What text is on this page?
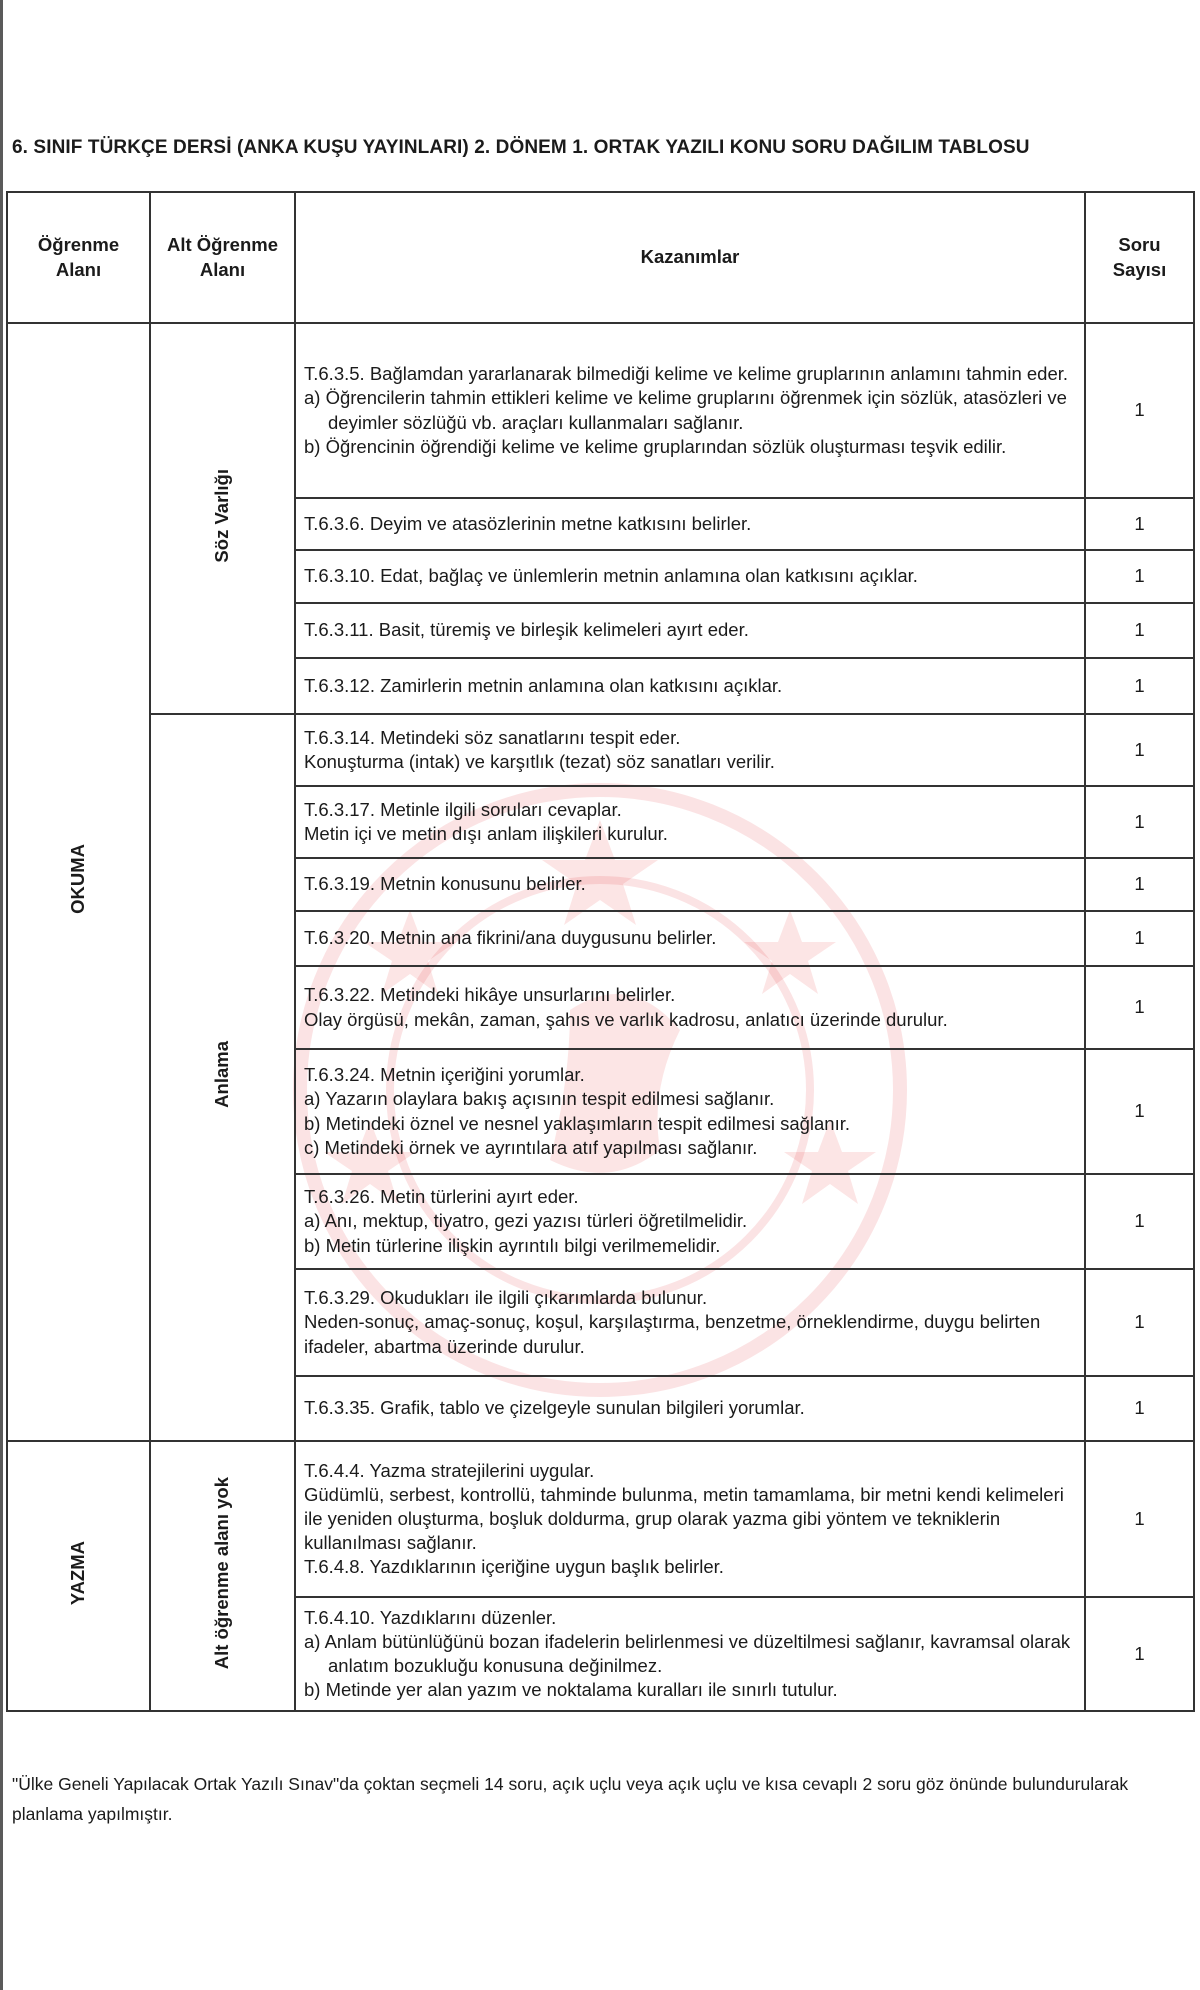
6. SINIF TÜRKÇE DERSİ (ANKA KUŞU YAYINLARI) 2. DÖNEM 1. ORTAK YAZILI KONU SORU DAĞILIM TABLOSU
Öğrenme Alanı	Alt Öğrenme Alanı	Kazanımlar	Soru Sayısı
OKUMA	Söz Varlığı	T.6.3.5. Bağlamdan yararlanarak bilmediği kelime ve kelime gruplarının anlamını tahmin eder.
a) Öğrencilerin tahmin ettikleri kelime ve kelime gruplarını öğrenmek için sözlük, atasözleri ve deyimler sözlüğü vb. araçları kullanmaları sağlanır.
b) Öğrencinin öğrendiği kelime ve kelime gruplarından sözlük oluşturması teşvik edilir.	1

		T.6.3.6. Deyim ve atasözlerinin metne katkısını belirler.	1

		T.6.3.10. Edat, bağlaç ve ünlemlerin metnin anlamına olan katkısını açıklar.	1

		T.6.3.11. Basit, türemiş ve birleşik kelimeleri ayırt eder.	1

		T.6.3.12. Zamirlerin metnin anlamına olan katkısını açıklar.	1
	Anlama	T.6.3.14. Metindeki söz sanatlarını tespit eder.
Konuşturma (intak) ve karşıtlık (tezat) söz sanatları verilir.	1

		T.6.3.17. Metinle ilgili soruları cevaplar.
Metin içi ve metin dışı anlam ilişkileri kurulur.	1

		T.6.3.19. Metnin konusunu belirler.	1

		T.6.3.20. Metnin ana fikrini/ana duygusunu belirler.	1

		T.6.3.22. Metindeki hikâye unsurlarını belirler.
Olay örgüsü, mekân, zaman, şahıs ve varlık kadrosu, anlatıcı üzerinde durulur.	1

		T.6.3.24. Metnin içeriğini yorumlar.
a) Yazarın olaylara bakış açısının tespit edilmesi sağlanır.
b) Metindeki öznel ve nesnel yaklaşımların tespit edilmesi sağlanır.
c) Metindeki örnek ve ayrıntılara atıf yapılması sağlanır.	1

		T.6.3.26. Metin türlerini ayırt eder.
a) Anı, mektup, tiyatro, gezi yazısı türleri öğretilmelidir.
b) Metin türlerine ilişkin ayrıntılı bilgi verilmemelidir.	1

		T.6.3.29. Okudukları ile ilgili çıkarımlarda bulunur.
Neden-sonuç, amaç-sonuç, koşul, karşılaştırma, benzetme, örneklendirme, duygu belirten ifadeler, abartma üzerinde durulur.	1

		T.6.3.35. Grafik, tablo ve çizelgeyle sunulan bilgileri yorumlar.	1
YAZMA	Alt öğrenme alanı yok	T.6.4.4. Yazma stratejilerini uygular.
Güdümlü, serbest, kontrollü, tahminde bulunma, metin tamamlama, bir metni kendi kelimeleri ile yeniden oluşturma, boşluk doldurma, grup olarak yazma gibi yöntem ve tekniklerin kullanılması sağlanır.
T.6.4.8. Yazdıklarının içeriğine uygun başlık belirler.	1

		T.6.4.10. Yazdıklarını düzenler.
a) Anlam bütünlüğünü bozan ifadelerin belirlenmesi ve düzeltilmesi sağlanır, kavramsal olarak anlatım bozukluğu konusuna değinilmez.
b) Metinde yer alan yazım ve noktalama kuralları ile sınırlı tutulur.	1
"Ülke Geneli Yapılacak Ortak Yazılı Sınav"da çoktan seçmeli 14 soru, açık uçlu veya açık uçlu ve kısa cevaplı 2 soru göz önünde bulundurularak planlama yapılmıştır.
